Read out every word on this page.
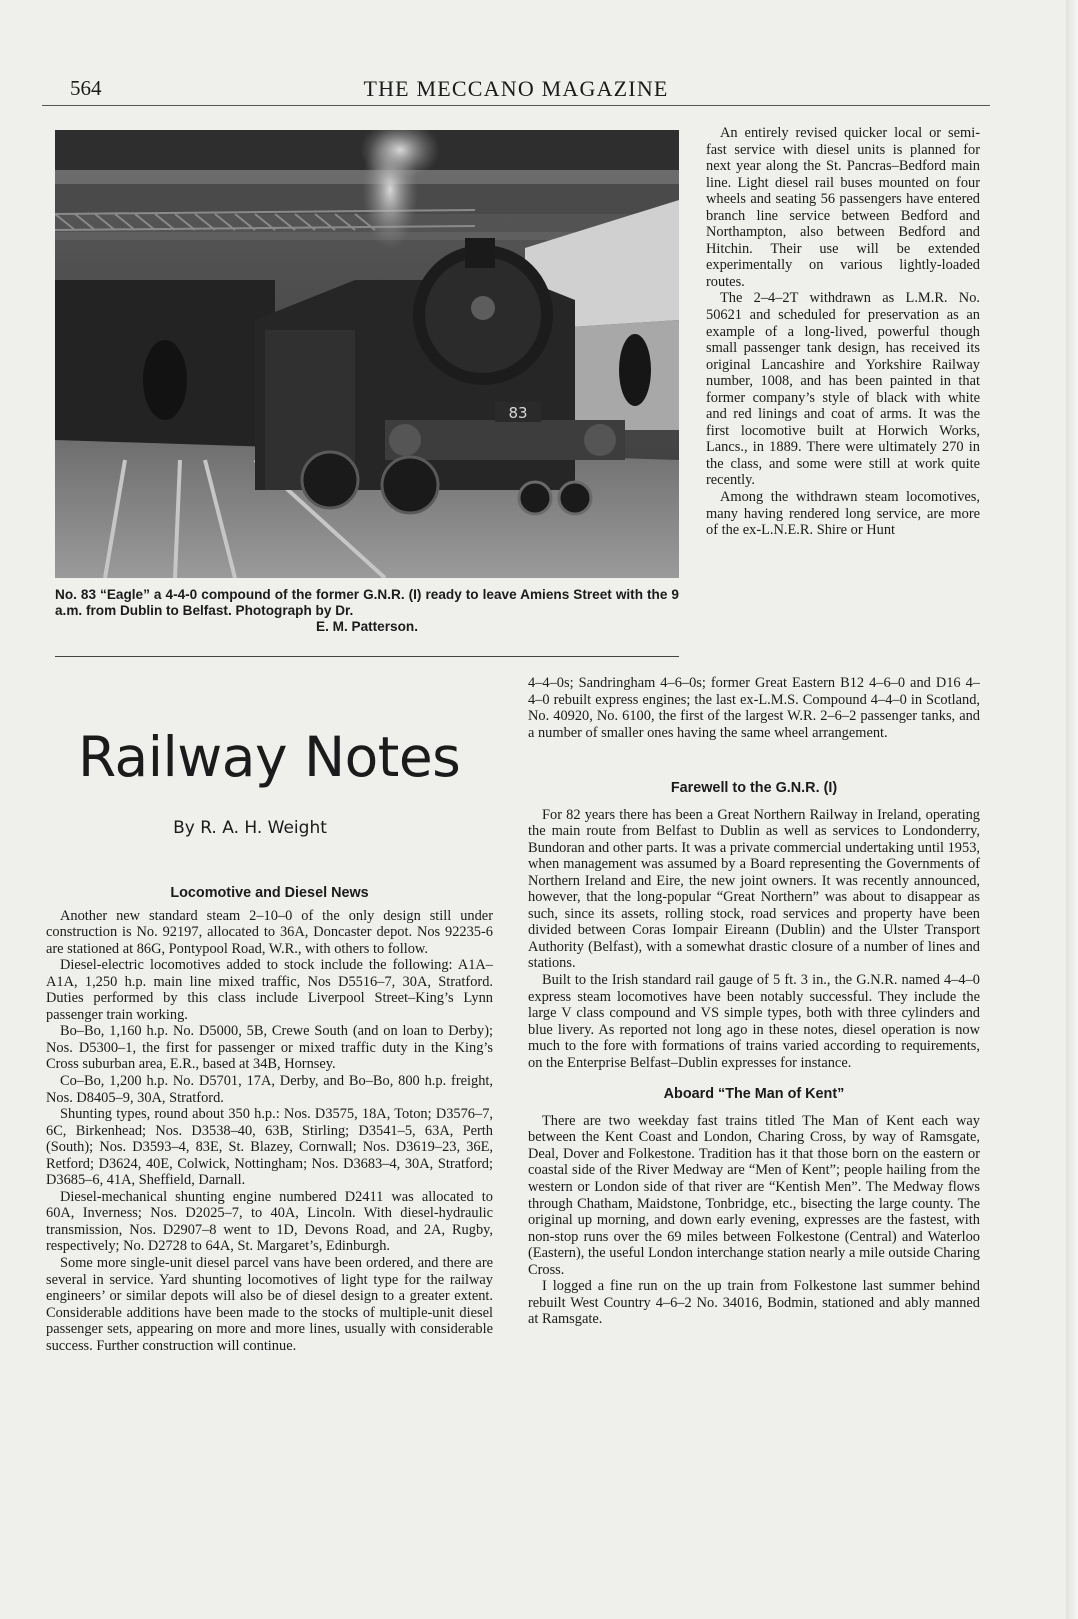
564	THE MECCANO MAGAZINE
83
No. 83 “Eagle” a 4-4-0 compound of the former G.N.R. (I) ready to leave Amiens Street with the 9 a.m. from Dublin to Belfast. Photograph by Dr.
E. M. Patterson.
Railway Notes
By R. A. H. Weight
Locomotive and Diesel News

Another new standard steam 2–10–0 of the only design still under construction is No. 92197, allocated to 36A, Doncaster depot. Nos 92235-6 are stationed at 86G, Pontypool Road, W.R., with others to follow.

Diesel-electric locomotives added to stock include the following: A1A–A1A, 1,250 h.p. main line mixed traffic, Nos D5516–7, 30A, Stratford. Duties performed by this class include Liverpool Street–King’s Lynn passenger train working.

Bo–Bo, 1,160 h.p. No. D5000, 5B, Crewe South (and on loan to Derby); Nos. D5300–1, the first for passenger or mixed traffic duty in the King’s Cross suburban area, E.R., based at 34B, Hornsey.

Co–Bo, 1,200 h.p. No. D5701, 17A, Derby, and Bo–Bo, 800 h.p. freight, Nos. D8405–9, 30A, Stratford.

Shunting types, round about 350 h.p.: Nos. D3575, 18A, Toton; D3576–7, 6C, Birkenhead; Nos. D3538–40, 63B, Stirling; D3541–5, 63A, Perth (South); Nos. D3593–4, 83E, St. Blazey, Cornwall; Nos. D3619–23, 36E, Retford; D3624, 40E, Colwick, Nottingham; Nos. D3683–4, 30A, Stratford; D3685–6, 41A, Sheffield, Darnall.

Diesel-mechanical shunting engine numbered D2411 was allocated to 60A, Inverness; Nos. D2025–7, to 40A, Lincoln. With diesel-hydraulic transmission, Nos. D2907–8 went to 1D, Devons Road, and 2A, Rugby, respectively; No. D2728 to 64A, St. Margaret’s, Edinburgh.

Some more single-unit diesel parcel vans have been ordered, and there are several in service. Yard shunting locomotives of light type for the railway engineers’ or similar depots will also be of diesel design to a greater extent. Considerable additions have been made to the stocks of multiple-unit diesel passenger sets, appearing on more and more lines, usually with considerable success. Further construction will continue.

An entirely revised quicker local or semi-fast service with diesel units is planned for next year along the St. Pancras–Bedford main line. Light diesel rail buses mounted on four wheels and seating 56 passengers have entered branch line service between Bedford and Northampton, also between Bedford and Hitchin. Their use will be extended experimentally on various lightly-loaded routes.

The 2–4–2T withdrawn as L.M.R. No. 50621 and scheduled for preservation as an example of a long-lived, powerful though small passenger tank design, has received its original Lancashire and Yorkshire Railway number, 1008, and has been painted in that former company’s style of black with white and red linings and coat of arms. It was the first locomotive built at Horwich Works, Lancs., in 1889. There were ultimately 270 in the class, and some were still at work quite recently.

Among the withdrawn steam locomotives, many having rendered long service, are more of the ex-L.N.E.R. Shire or Hunt

4–4–0s; Sandringham 4–6–0s; former Great Eastern B12 4–6–0 and D16 4–4–0 rebuilt express engines; the last ex-L.M.S. Compound 4–4–0 in Scotland, No. 40920, No. 6100, the first of the largest W.R. 2–6–2 passenger tanks, and a number of smaller ones having the same wheel arrangement.

Farewell to the G.N.R. (I)

For 82 years there has been a Great Northern Railway in Ireland, operating the main route from Belfast to Dublin as well as services to Londonderry, Bundoran and other parts. It was a private commercial undertaking until 1953, when management was assumed by a Board representing the Governments of Northern Ireland and Eire, the new joint owners. It was recently announced, however, that the long-popular “Great Northern” was about to disappear as such, since its assets, rolling stock, road services and property have been divided between Coras Iompair Eireann (Dublin) and the Ulster Transport Authority (Belfast), with a somewhat drastic closure of a number of lines and stations.

Built to the Irish standard rail gauge of 5 ft. 3 in., the G.N.R. named 4–4–0 express steam locomotives have been notably successful. They include the large V class compound and VS simple types, both with three cylinders and blue livery. As reported not long ago in these notes, diesel operation is now much to the fore with formations of trains varied according to requirements, on the Enterprise Belfast–Dublin expresses for instance.

Aboard “The Man of Kent”

There are two weekday fast trains titled The Man of Kent each way between the Kent Coast and London, Charing Cross, by way of Ramsgate, Deal, Dover and Folkestone. Tradition has it that those born on the eastern or coastal side of the River Medway are “Men of Kent”; people hailing from the western or London side of that river are “Kentish Men”. The Medway flows through Chatham, Maidstone, Tonbridge, etc., bisecting the large county. The original up morning, and down early evening, expresses are the fastest, with non-stop runs over the 69 miles between Folkestone (Central) and Waterloo (Eastern), the useful London interchange station nearly a mile outside Charing Cross.

I logged a fine run on the up train from Folkestone last summer behind rebuilt West Country 4–6–2 No. 34016, Bodmin, stationed and ably manned at Ramsgate.
